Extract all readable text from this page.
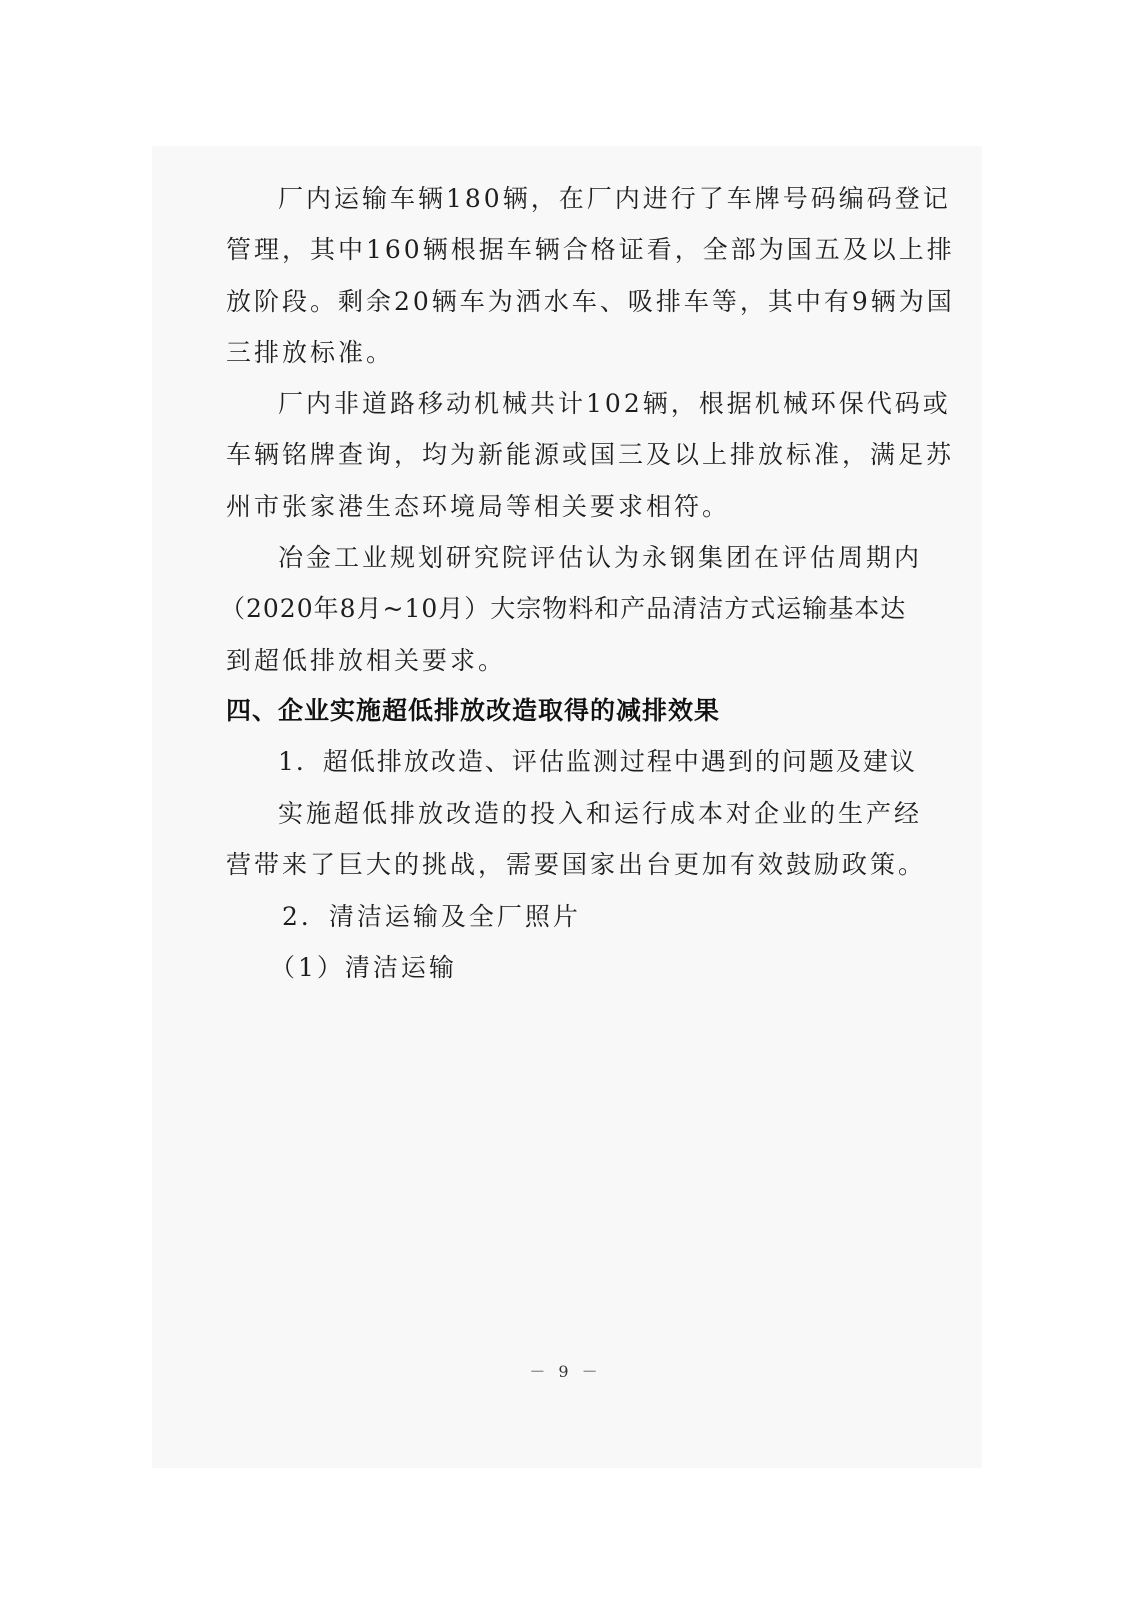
厂内运输车辆180辆，在厂内进行了车牌号码编码登记
管理，其中160辆根据车辆合格证看，全部为国五及以上排
放阶段。剩余20辆车为洒水车、吸排车等，其中有9辆为国
三排放标准。
厂内非道路移动机械共计102辆，根据机械环保代码或
车辆铭牌查询，均为新能源或国三及以上排放标准，满足苏
州市张家港生态环境局等相关要求相符。
冶金工业规划研究院评估认为永钢集团在评估周期内
（2020年8月~10月）大宗物料和产品清洁方式运输基本达
到超低排放相关要求。
四、企业实施超低排放改造取得的减排效果
1．超低排放改造、评估监测过程中遇到的问题及建议
实施超低排放改造的投入和运行成本对企业的生产经
营带来了巨大的挑战，需要国家出台更加有效鼓励政策。
2．清洁运输及全厂照片
（1）清洁运输
－ 9 －
